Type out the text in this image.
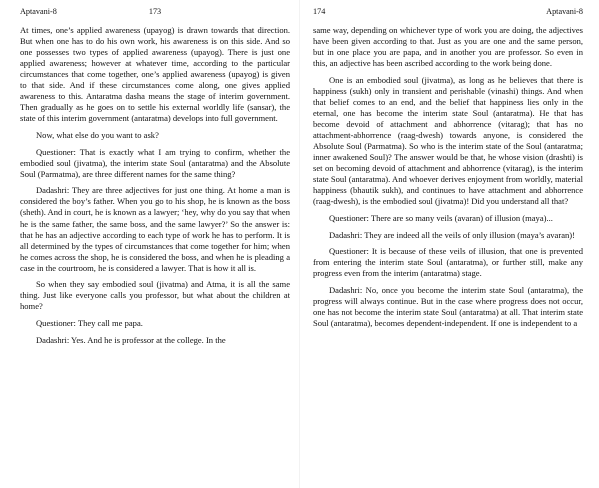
Aptavani-8	173

At times, one’s applied awareness (upayog) is drawn towards that direction. But when one has to do his own work, his awareness is on this side. And so one possesses two types of applied awareness (upayog). There is just one applied awareness; however at whatever time, according to the particular circumstances that come together, one’s applied awareness (upayog) is given to that side. And if these circumstances come along, one gives applied awareness to this. Antaratma dasha means the stage of interim government. Then gradually as he goes on to settle his external worldly life (sansar), the state of this interim government (antaratma) develops into full government.

Now, what else do you want to ask?

Questioner: That is exactly what I am trying to confirm, whether the embodied soul (jivatma), the interim state Soul (antaratma) and the Absolute Soul (Parmatma), are three different names for the same thing?

Dadashri: They are three adjectives for just one thing. At home a man is considered the boy’s father. When you go to his shop, he is known as the boss (sheth). And in court, he is known as a lawyer; ‘hey, why do you say that when he is the same father, the same boss, and the same lawyer?’ So the answer is: that he has an adjective according to each type of work he has to perform. It is all determined by the types of circumstances that come together for him; when he comes across the shop, he is considered the boss, and when he is pleading a case in the courtroom, he is considered a lawyer. That is how it all is.

So when they say embodied soul (jivatma) and Atma, it is all the same thing. Just like everyone calls you professor, but what about the children at home?

Questioner: They call me papa.

Dadashri: Yes. And he is professor at the college. In the

174	Aptavani-8

same way, depending on whichever type of work you are doing, the adjectives have been given according to that. Just as you are one and the same person, but in one place you are papa, and in another you are professor. So even in this, an adjective has been ascribed according to the work being done.

One is an embodied soul (jivatma), as long as he believes that there is happiness (sukh) only in transient and perishable (vinashi) things. And when that belief comes to an end, and the belief that happiness lies only in the eternal, one has become the interim state Soul (antaratma). He that has become devoid of attachment and abhorrence (vitarag); that has no attachment-abhorrence (raag-dwesh) towards anyone, is considered the Absolute Soul (Parmatma). So who is the interim state of the Soul (antaratma; inner awakened Soul)? The answer would be that, he whose vision (drashti) is set on becoming devoid of attachment and abhorrence (vitarag), is the interim state Soul (antaratma). And whoever derives enjoyment from worldly, material happiness (bhautik sukh), and continues to have attachment and abhorrence (raag-dwesh), is the embodied soul (jivatma)! Did you understand all that?

Questioner: There are so many veils (avaran) of illusion (maya)...

Dadashri: They are indeed all the veils of only illusion (maya’s avaran)!

Questioner: It is because of these veils of illusion, that one is prevented from entering the interim state Soul (antaratma), or further still, make any progress even from the interim (antaratma) stage.

Dadashri: No, once you become the interim state Soul (antaratma), the progress will always continue. But in the case where progress does not occur, one has not become the interim state Soul (antaratma) at all. That interim state Soul (antaratma), becomes dependent-independent. If one is independent to a
